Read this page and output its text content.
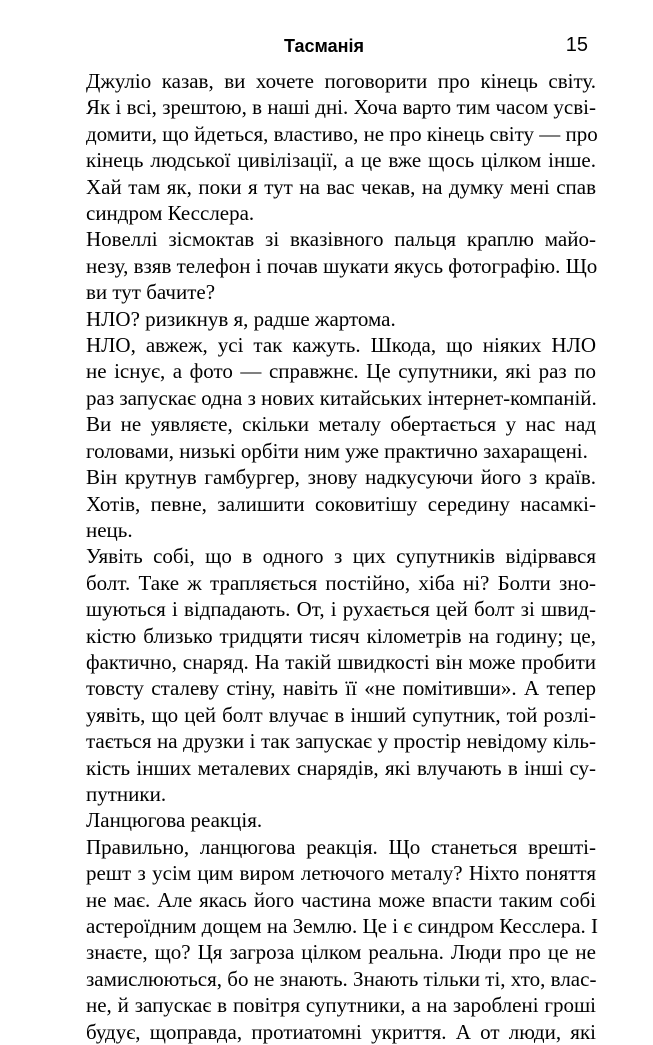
Тасманія	15

Джуліо казав, ви хочете поговорити про кінець світу.
Як і всі, зрештою, в наші дні. Хоча варто тим часом усві-
домити, що йдеться, властиво, не про кінець світу — про
кінець людської цивілізації, а це вже щось цілком інше.
Хай там як, поки я тут на вас чекав, на думку мені спав
синдром Кесслера.

Новеллі зісмоктав зі вказівного пальця краплю майо-
незу, взяв телефон і почав шукати якусь фотографію. Що
ви тут бачите?

НЛО? ризикнув я, радше жартома.

НЛО, авжеж, усі так кажуть. Шкода, що ніяких НЛО
не існує, а фото — справжнє. Це супутники, які раз по
раз запускає одна з нових китайських інтернет-компаній.
Ви не уявляєте, скільки металу обертається у нас над
головами, низькі орбіти ним уже практично захаращені.

Він крутнув гамбургер, знову надкусуючи його з країв.
Хотів, певне, залишити соковитішу середину насамкі-
нець.

Уявіть собі, що в одного з цих супутників відірвався
болт. Таке ж трапляється постійно, хіба ні? Болти зно-
шуються і відпадають. От, і рухається цей болт зі швид-
кістю близько тридцяти тисяч кілометрів на годину; це,
фактично, снаряд. На такій швидкості він може пробити
товсту сталеву стіну, навіть її «не помітивши». А тепер
уявіть, що цей болт влучає в інший супутник, той розлі-
тається на друзки і так запускає у простір невідому кіль-
кість інших металевих снарядів, які влучають в інші су-
путники.

Ланцюгова реакція.

Правильно, ланцюгова реакція. Що станеться врешті-
решт з усім цим виром летючого металу? Ніхто поняття
не має. Але якась його частина може впасти таким собі
астероїдним дощем на Землю. Це і є синдром Кесслера. І
знаєте, що? Ця загроза цілком реальна. Люди про це не
замислюються, бо не знають. Знають тільки ті, хто, влас-
не, й запускає в повітря супутники, а на зароблені гроші
будує, щоправда, протиатомні укриття. А от люди, які
